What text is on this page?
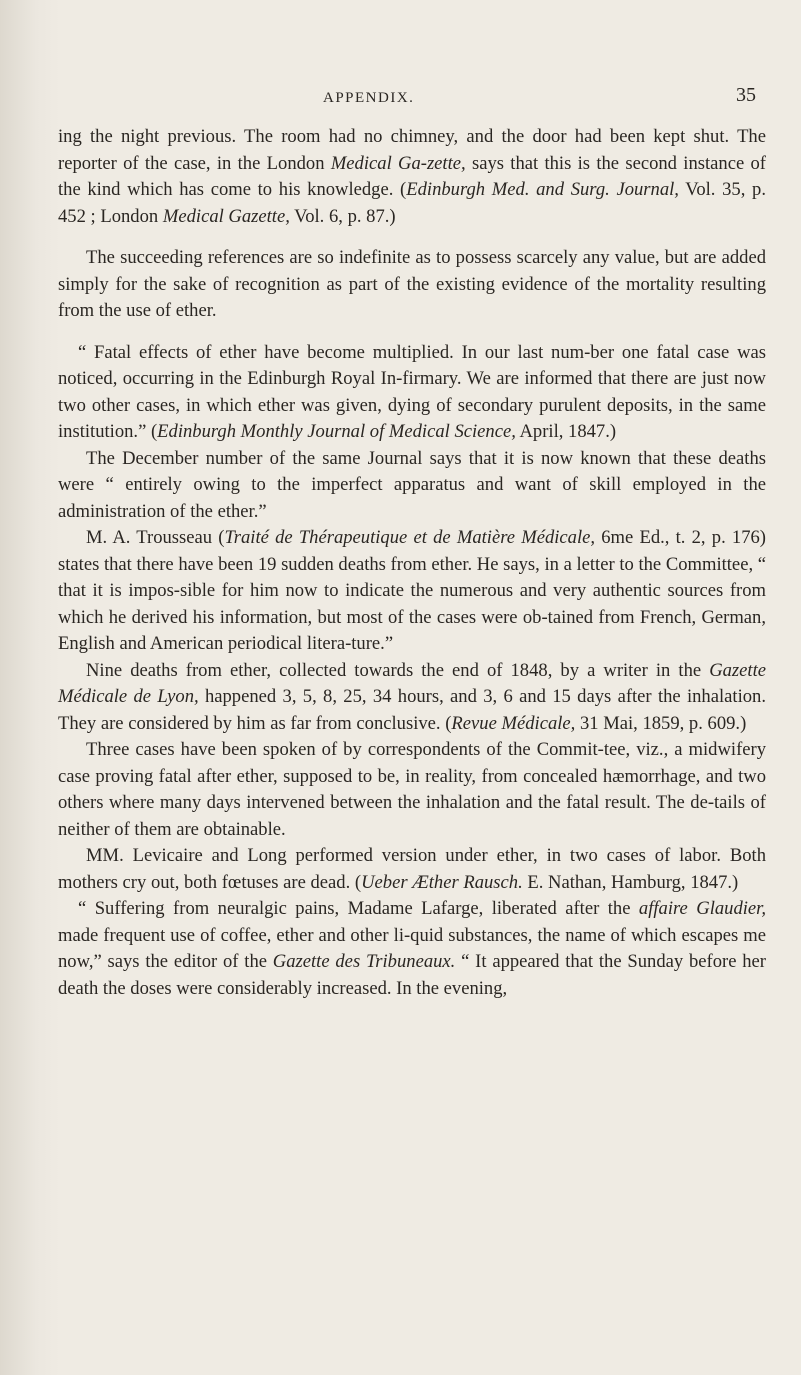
APPENDIX.	35

ing the night previous. The room had no chimney, and the door had been kept shut. The reporter of the case, in the London Medical Ga-zette, says that this is the second instance of the kind which has come to his knowledge. (Edinburgh Med. and Surg. Journal, Vol. 35, p. 452 ; London Medical Gazette, Vol. 6, p. 87.)

The succeeding references are so indefinite as to possess scarcely any value, but are added simply for the sake of recognition as part of the existing evidence of the mortality resulting from the use of ether.

“ Fatal effects of ether have become multiplied. In our last num-ber one fatal case was noticed, occurring in the Edinburgh Royal In-firmary. We are informed that there are just now two other cases, in which ether was given, dying of secondary purulent deposits, in the same institution.” (Edinburgh Monthly Journal of Medical Science, April, 1847.)

The December number of the same Journal says that it is now known that these deaths were “ entirely owing to the imperfect apparatus and want of skill employed in the administration of the ether.”

M. A. Trousseau (Traité de Thérapeutique et de Matière Médicale, 6me Ed., t. 2, p. 176) states that there have been 19 sudden deaths from ether. He says, in a letter to the Committee, “ that it is impos-sible for him now to indicate the numerous and very authentic sources from which he derived his information, but most of the cases were ob-tained from French, German, English and American periodical litera-ture.”

Nine deaths from ether, collected towards the end of 1848, by a writer in the Gazette Médicale de Lyon, happened 3, 5, 8, 25, 34 hours, and 3, 6 and 15 days after the inhalation. They are considered by him as far from conclusive. (Revue Médicale, 31 Mai, 1859, p. 609.)

Three cases have been spoken of by correspondents of the Commit-tee, viz., a midwifery case proving fatal after ether, supposed to be, in reality, from concealed hæmorrhage, and two others where many days intervened between the inhalation and the fatal result. The de-tails of neither of them are obtainable.

MM. Levicaire and Long performed version under ether, in two cases of labor. Both mothers cry out, both fœtuses are dead. (Ueber Æther Rausch. E. Nathan, Hamburg, 1847.)

“ Suffering from neuralgic pains, Madame Lafarge, liberated after the affaire Glaudier, made frequent use of coffee, ether and other li-quid substances, the name of which escapes me now,” says the editor of the Gazette des Tribuneaux. “ It appeared that the Sunday before her death the doses were considerably increased. In the evening,
